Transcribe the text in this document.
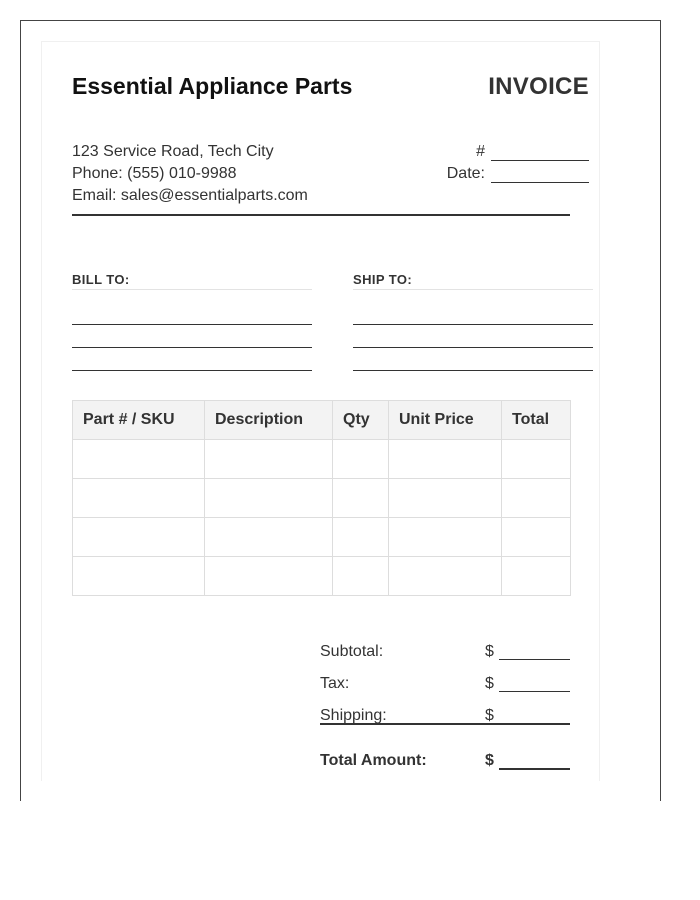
Essential Appliance Parts	INVOICE
123 Service Road, Tech City
Phone: (555) 010-9988
Email: sales@essentialparts.com
#
Date:
BILL TO:	SHIP TO:
Part # / SKU	Description	Qty	Unit Price	Total

Subtotal:	$
Tax:	$
Shipping:	$
Total Amount:	$
